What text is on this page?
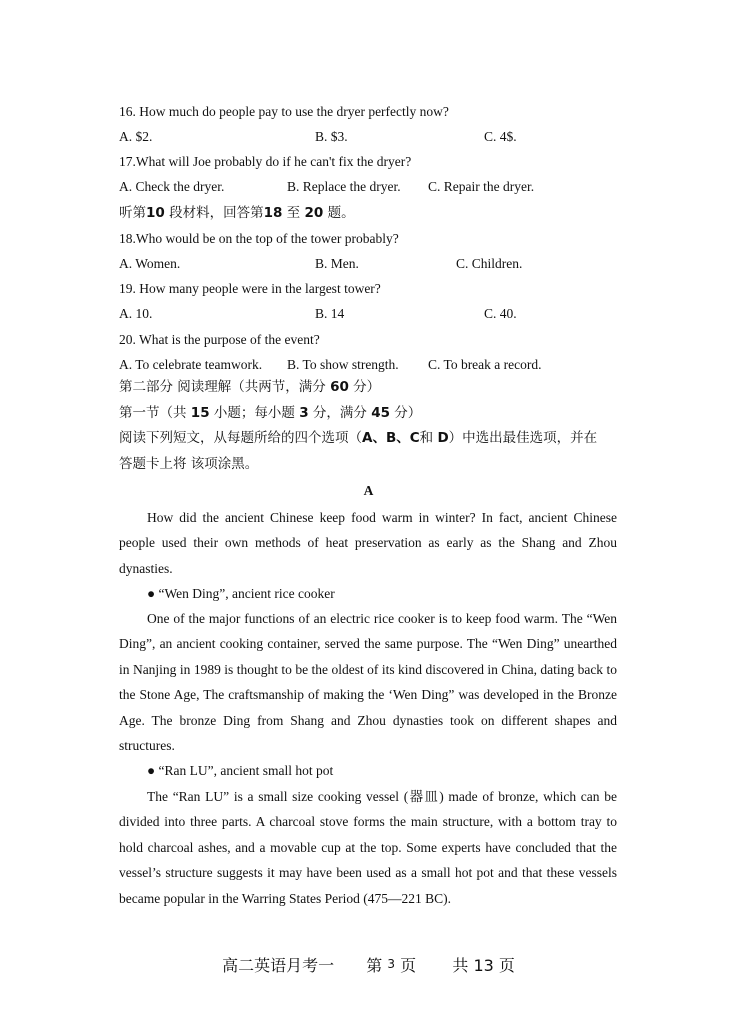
16. How much do people pay to use the dryer perfectly now?
A. $2.	B. $3.	C. 4$.
17.What will Joe probably do if he can't fix the dryer?
A. Check the dryer.	B. Replace the dryer. C. Repair the dryer.
听第10 段材料，回答第18 至 20 题。
18.Who would be on the top of the tower probably?
A. Women.	B. Men.	C. Children.
19. How many people were in the largest tower?
A. 10.	B. 14	C. 40.
20. What is the purpose of the event?
A. To celebrate teamwork. B. To show strength. C. To break a record.
第二部分 阅读理解（共两节，满分 60 分）
第一节（共 15 小题；每小题 3 分，满分 45 分）
阅读下列短文，从每题所给的四个选项（A、B、C和 D）中选出最佳选项，并在
答题卡上将 该项涂黑。
A
How did the ancient Chinese keep food warm in winter? In fact, ancient Chinese people used their own methods of heat preservation as early as the Shang and Zhou dynasties.
● “Wen Ding”, ancient rice cooker
One of the major functions of an electric rice cooker is to keep food warm. The “Wen Ding”, an ancient cooking container, served the same purpose. The “Wen Ding” unearthed in Nanjing in 1989 is thought to be the oldest of its kind discovered in China, dating back to the Stone Age, The craftsmanship of making the ‘Wen Ding” was developed in the Bronze Age. The bronze Ding from Shang and Zhou dynasties took on different shapes and structures.
● “Ran LU”, ancient small hot pot
The “Ran LU” is a small size cooking vessel (器皿) made of bronze, which can be divided into three parts. A charcoal stove forms the main structure, with a bottom tray to hold charcoal ashes, and a movable cup at the top. Some experts have concluded that the vessel’s structure suggests it may have been used as a small hot pot and that these vessels became popular in the Warring States Period (475—221 BC).
高二英语月考一 第 $^3$ 页 共 13 页
